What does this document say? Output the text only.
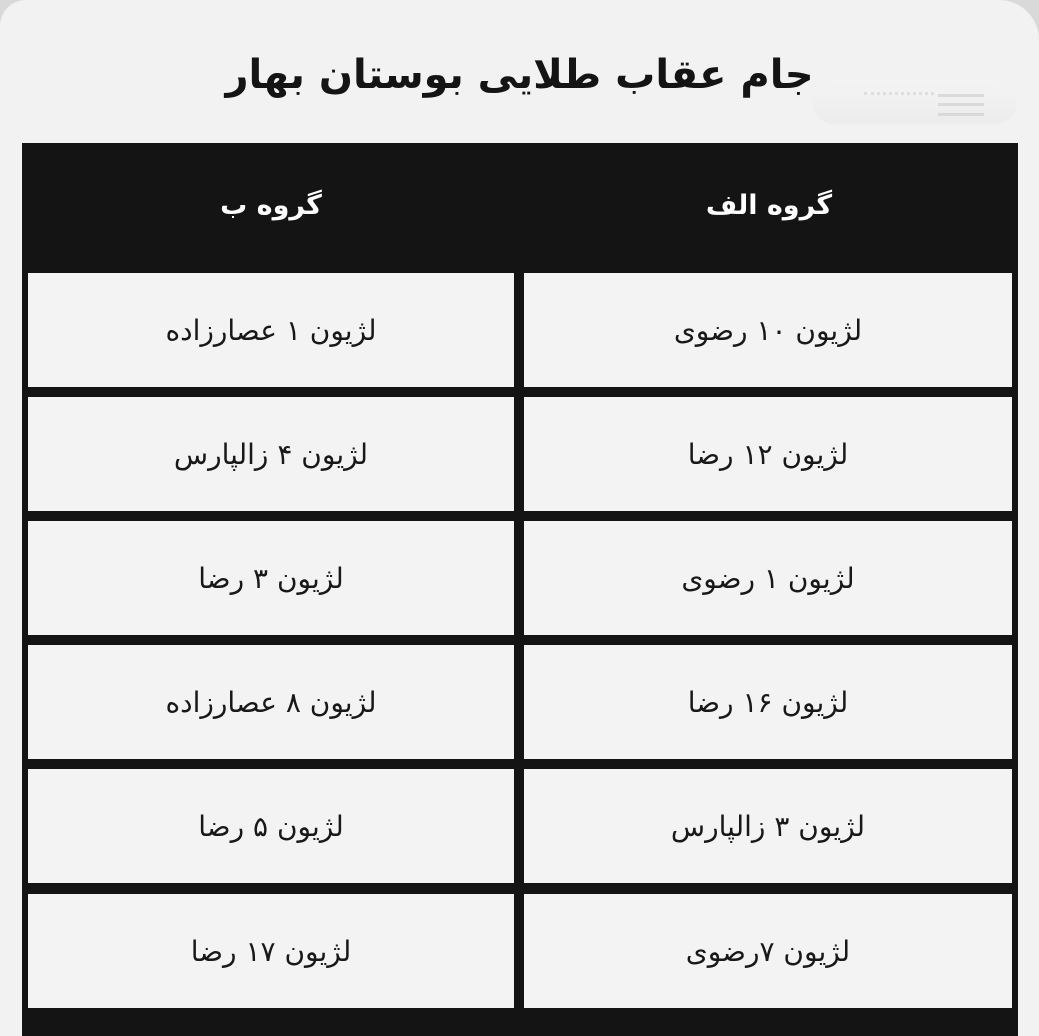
جام عقاب طلایی بوستان بهار
گروه الف
گروه ب
لژیون ۱۰ رضوی
لژیون ۱ عصارزاده
لژیون ۱۲ رضا
لژیون ۴ زالپارس
لژیون ۱ رضوی
لژیون ۳ رضا
لژیون ۱۶ رضا
لژیون ۸ عصارزاده
لژیون ۳ زالپارس
لژیون ۵ رضا
لژیون ۷رضوی
لژیون ۱۷ رضا
